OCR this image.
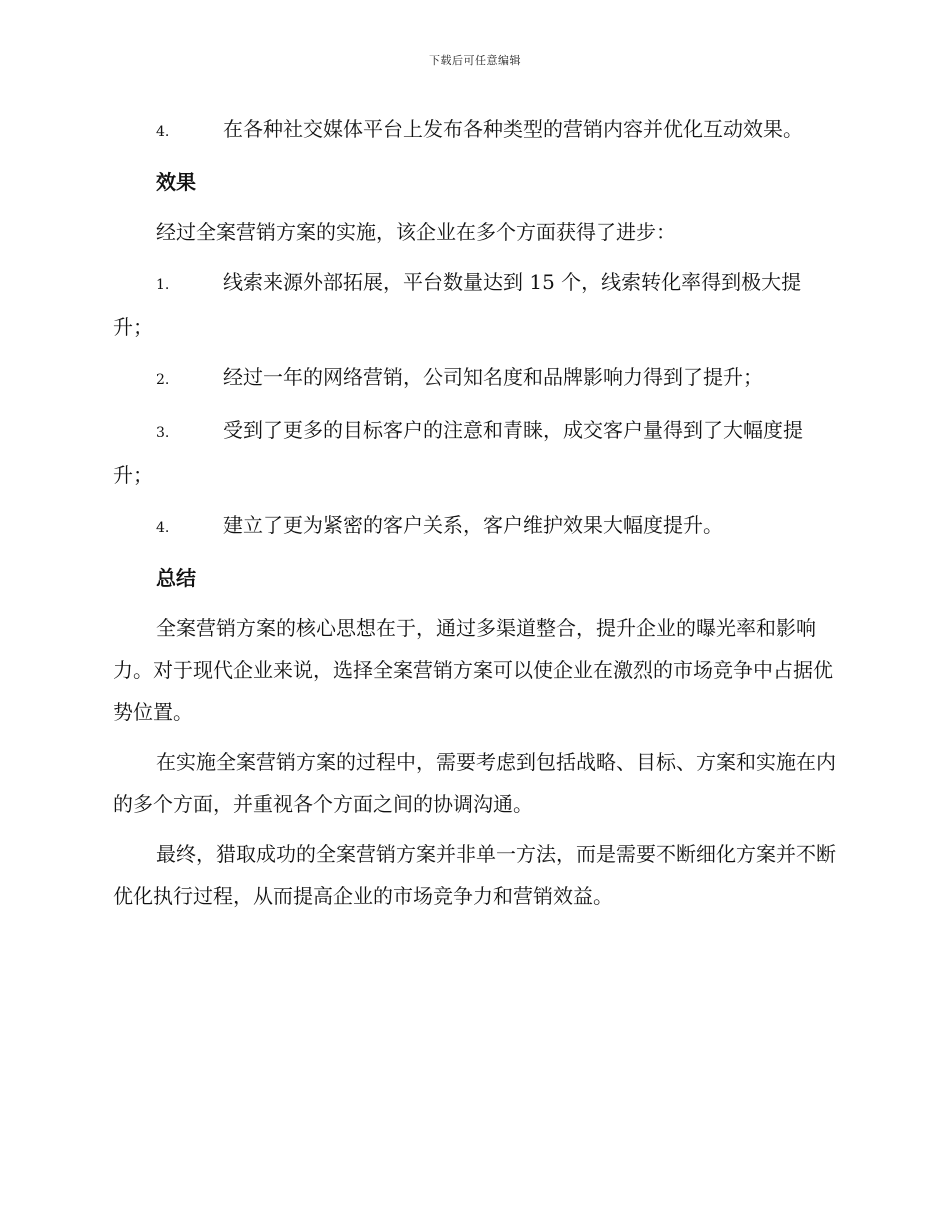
下载后可任意编辑

4.	在各种社交媒体平台上发布各种类型的营销内容并优化互动效果。

效果

经过全案营销方案的实施，该企业在多个方面获得了进步：

1.	线索来源外部拓展，平台数量达到 15 个，线索转化率得到极大提升；

2.	经过一年的网络营销，公司知名度和品牌影响力得到了提升；

3.	受到了更多的目标客户的注意和青睐，成交客户量得到了大幅度提升；

4.	建立了更为紧密的客户关系，客户维护效果大幅度提升。

总结

全案营销方案的核心思想在于，通过多渠道整合，提升企业的曝光率和影响力。对于现代企业来说，选择全案营销方案可以使企业在激烈的市场竞争中占据优势位置。

在实施全案营销方案的过程中，需要考虑到包括战略、目标、方案和实施在内的多个方面，并重视各个方面之间的协调沟通。

最终，猎取成功的全案营销方案并非单一方法，而是需要不断细化方案并不断优化执行过程，从而提高企业的市场竞争力和营销效益。
